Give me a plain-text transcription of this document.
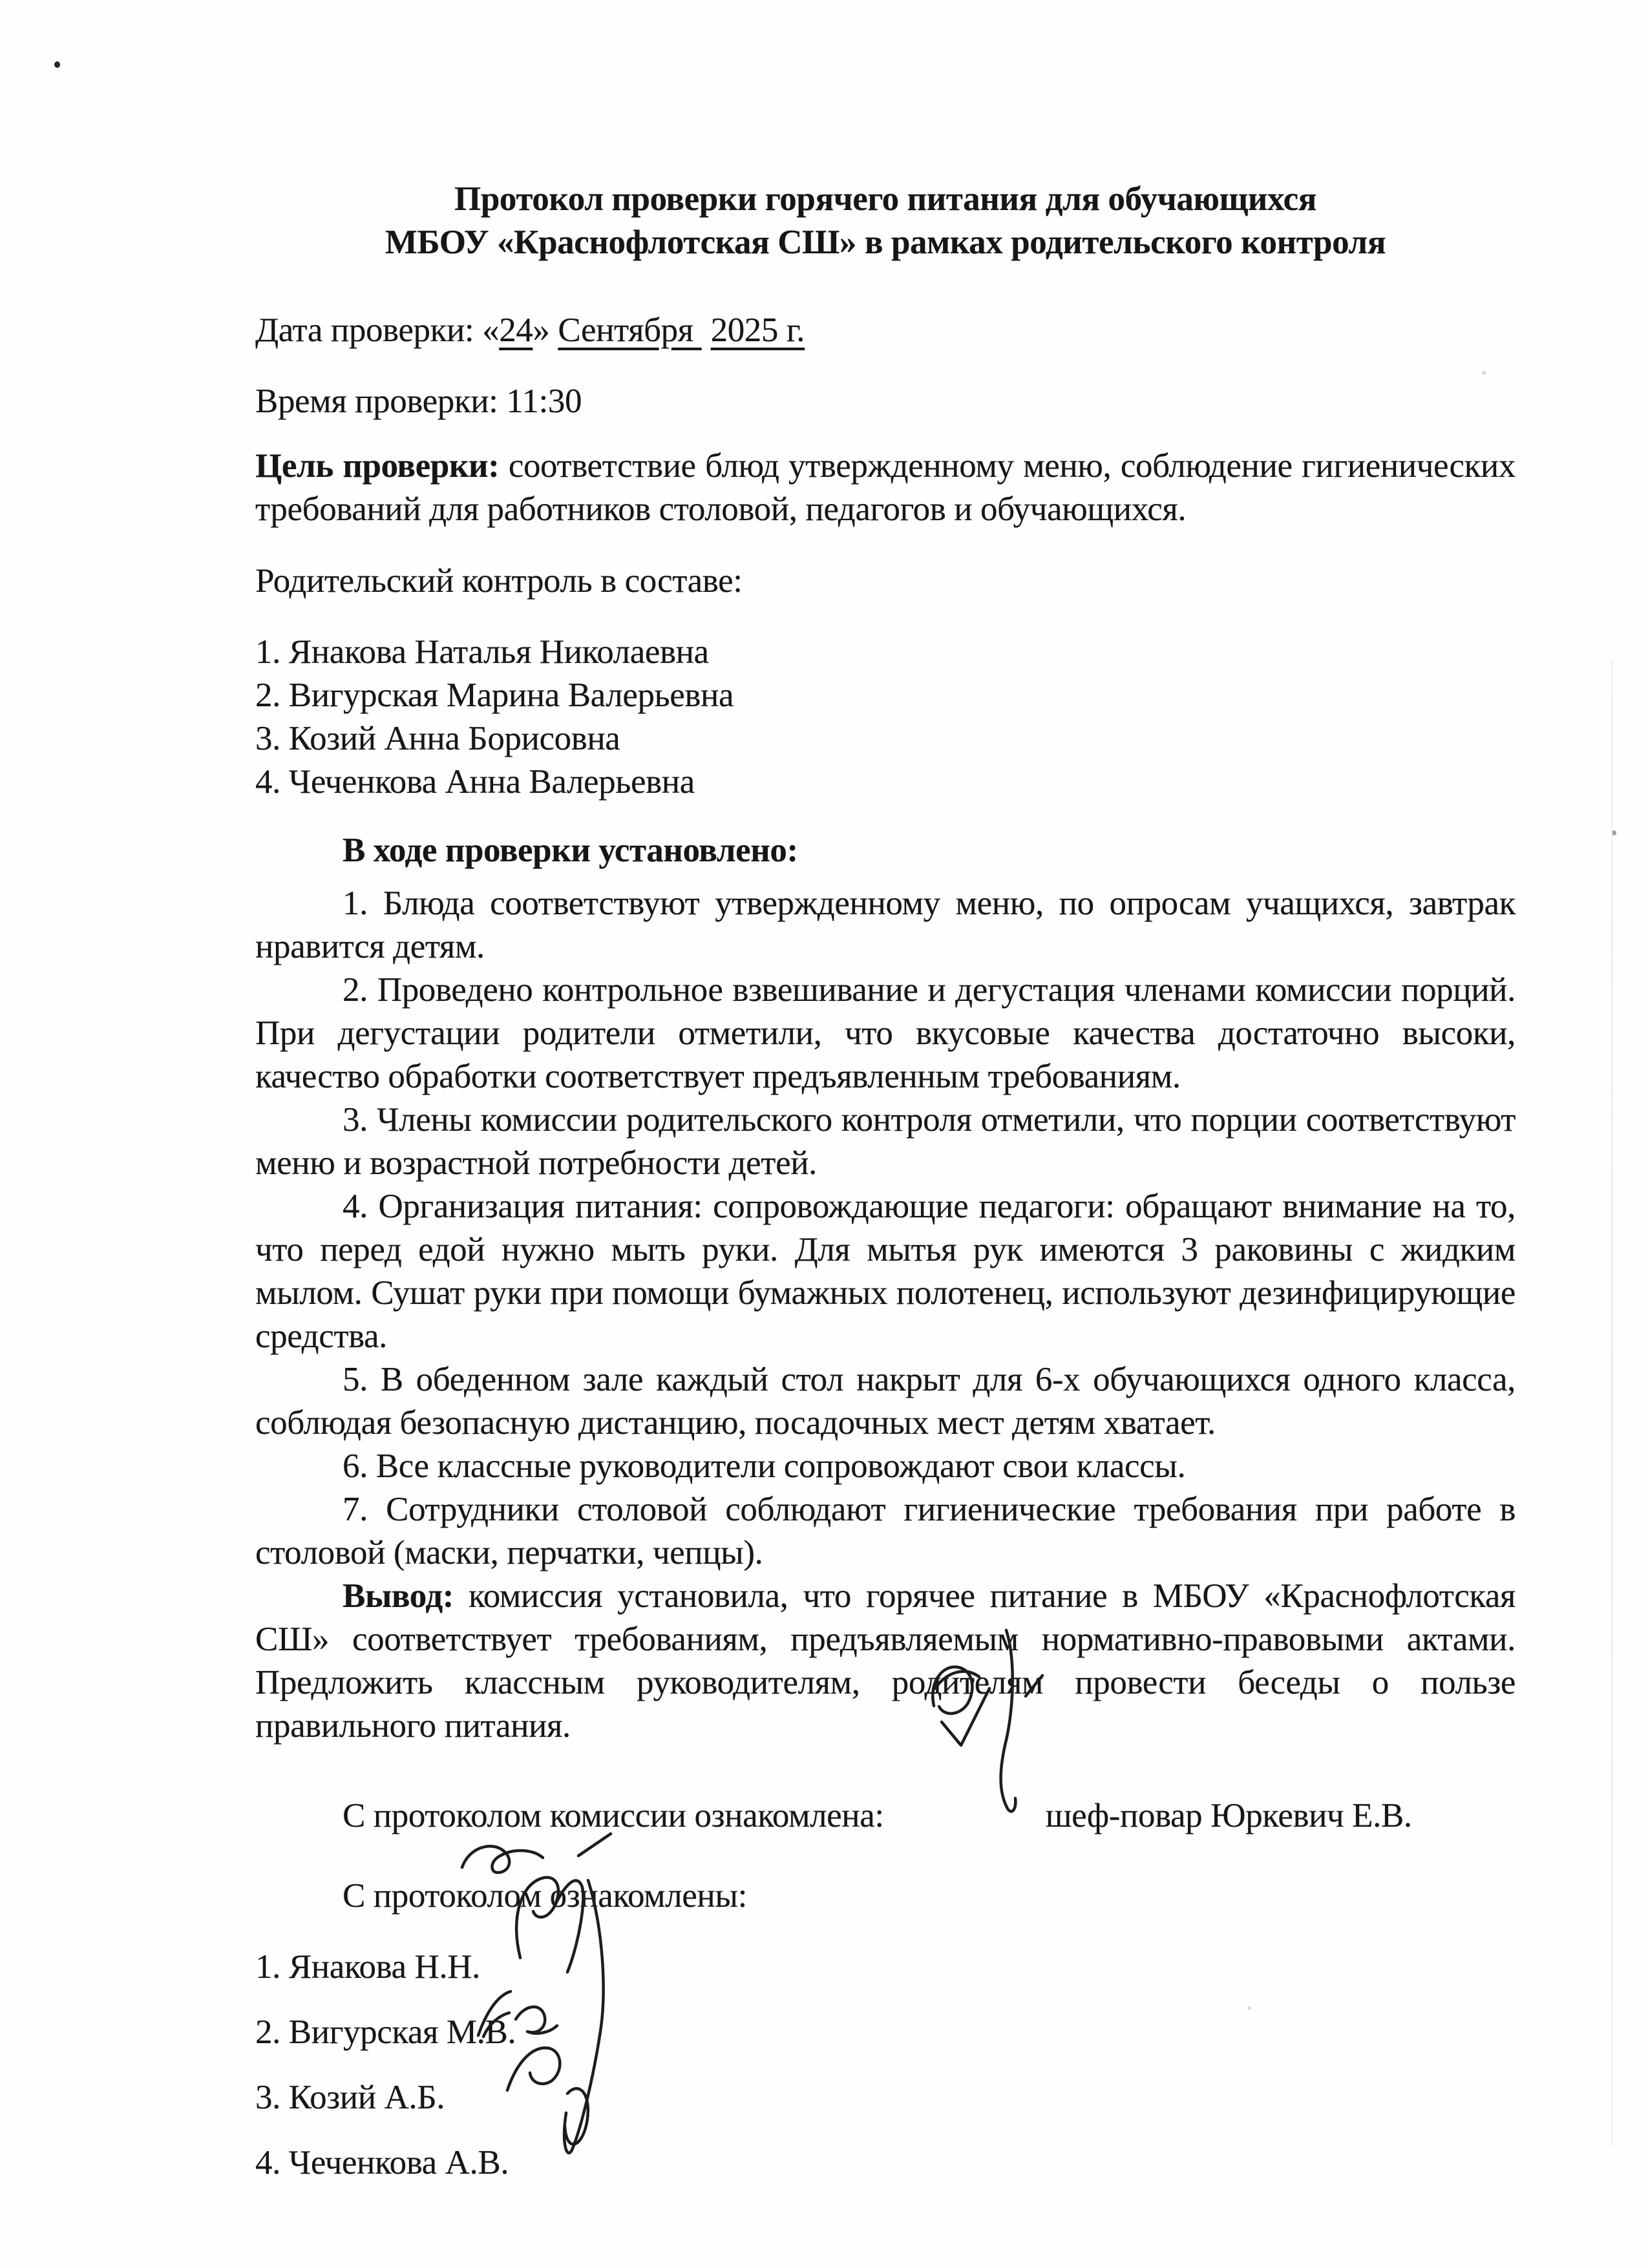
Протокол проверки горячего питания для обучающихся
МБОУ «Краснофлотская СШ» в рамках родительского контроля

Дата проверки: «24» Сентября 2025 г.

Время проверки: 11:30

Цель проверки: соответствие блюд утвержденному меню, соблюдение гигиенических требований для работников столовой, педагогов и обучающихся.

Родительский контроль в составе:

1. Янакова Наталья Николаевна
2. Вигурская Марина Валерьевна
3. Козий Анна Борисовна
4. Чеченкова Анна Валерьевна

В ходе проверки установлено:

1. Блюда соответствуют утвержденному меню, по опросам учащихся, завтрак нравится детям.

2. Проведено контрольное взвешивание и дегустация членами комиссии порций. При дегустации родители отметили, что вкусовые качества достаточно высоки, качество обработки соответствует предъявленным требованиям.

3. Члены комиссии родительского контроля отметили, что порции соответствуют меню и возрастной потребности детей.

4. Организация питания: сопровождающие педагоги: обращают внимание на то, что перед едой нужно мыть руки. Для мытья рук имеются 3 раковины с жидким мылом. Сушат руки при помощи бумажных полотенец, используют дезинфицирующие средства.

5. В обеденном зале каждый стол накрыт для 6-х обучающихся одного класса, соблюдая безопасную дистанцию, посадочных мест детям хватает.

6. Все классные руководители сопровождают свои классы.

7. Сотрудники столовой соблюдают гигиенические требования при работе в столовой (маски, перчатки, чепцы).

Вывод: комиссия установила, что горячее питание в МБОУ «Краснофлотская СШ» соответствует требованиям, предъявляемым нормативно-правовыми актами. Предложить классным руководителям, родителям провести беседы о пользе правильного питания.

С протоколом комиссии ознакомлена:	шеф-повар Юркевич Е.В.

С протоколом ознакомлены:

1. Янакова Н.Н.
2. Вигурская М.В.
3. Козий А.Б.
4. Чеченкова А.В.
